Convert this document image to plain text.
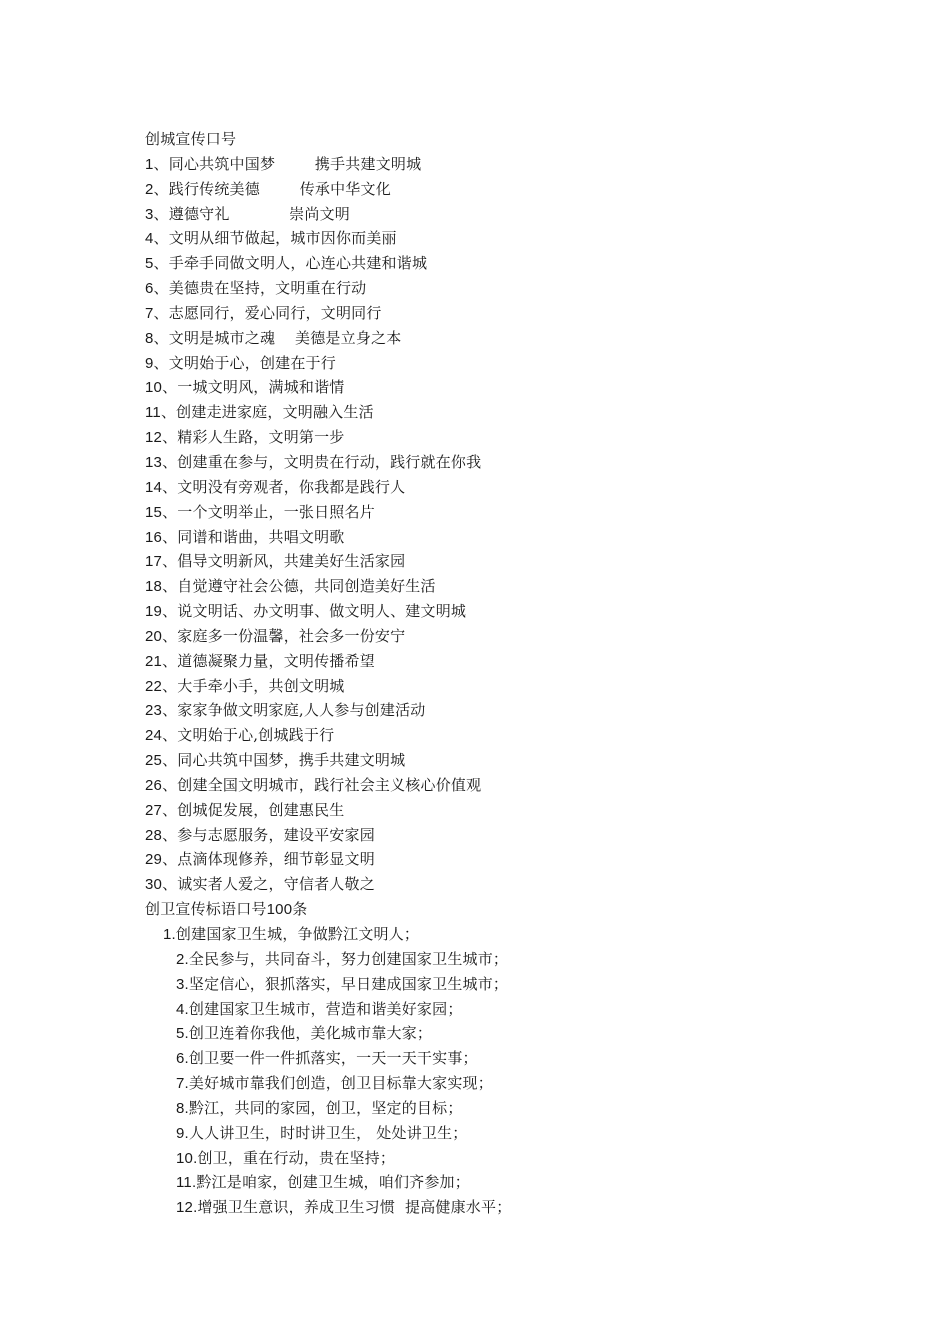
创城宣传口号
1、同心共筑中国梦        携手共建文明城
2、践行传统美德        传承中华文化
3、遵德守礼            崇尚文明
4、文明从细节做起，城市因你而美丽
5、手牵手同做文明人，心连心共建和谐城
6、美德贵在坚持，文明重在行动
7、志愿同行，爱心同行，文明同行
8、文明是城市之魂    美德是立身之本
9、文明始于心，创建在于行
10、一城文明风，满城和谐情
11、创建走进家庭，文明融入生活
12、精彩人生路，文明第一步
13、创建重在参与，文明贵在行动，践行就在你我
14、文明没有旁观者，你我都是践行人
15、一个文明举止，一张日照名片
16、同谱和谐曲，共唱文明歌
17、倡导文明新风，共建美好生活家园
18、自觉遵守社会公德，共同创造美好生活
19、说文明话、办文明事、做文明人、建文明城
20、家庭多一份温馨，社会多一份安宁
21、道德凝聚力量，文明传播希望
22、大手牵小手，共创文明城
23、家家争做文明家庭,人人参与创建活动
24、文明始于心,创城践于行
25、同心共筑中国梦，携手共建文明城
26、创建全国文明城市，践行社会主义核心价值观
27、创城促发展，创建惠民生
28、参与志愿服务，建设平安家园
29、点滴体现修养，细节彰显文明
30、诚实者人爱之，守信者人敬之
创卫宣传标语口号100条
1.创建国家卫生城，争做黔江文明人；
2.全民参与，共同奋斗，努力创建国家卫生城市；
3.坚定信心，狠抓落实，早日建成国家卫生城市；
4.创建国家卫生城市，营造和谐美好家园；
5.创卫连着你我他，美化城市靠大家；
6.创卫要一件一件抓落实，一天一天干实事；
7.美好城市靠我们创造，创卫目标靠大家实现；
8.黔江，共同的家园，创卫，坚定的目标；
9.人人讲卫生，时时讲卫生， 处处讲卫生；
10.创卫，重在行动，贵在坚持；
11.黔江是咱家，创建卫生城，咱们齐参加；
12.增强卫生意识，养成卫生习惯  提高健康水平；
